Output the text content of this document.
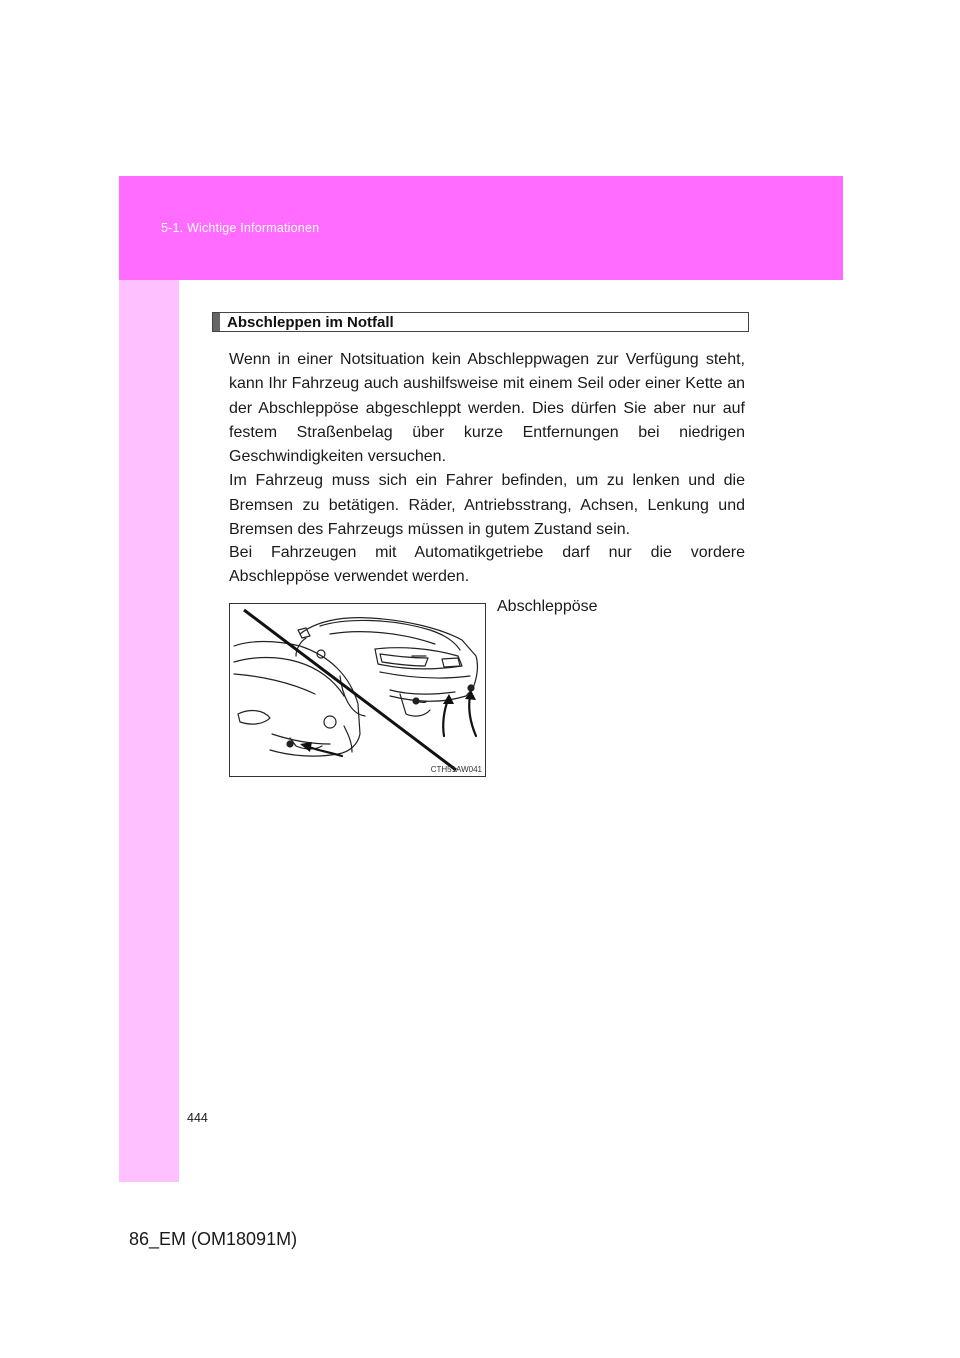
5-1. Wichtige Informationen
Abschleppen im Notfall
Wenn in einer Notsituation kein Abschleppwagen zur Verfügung steht, kann Ihr Fahrzeug auch aushilfsweise mit einem Seil oder einer Kette an der Abschleppöse abgeschleppt werden. Dies dürfen Sie aber nur auf festem Straßenbelag über kurze Entfernungen bei niedrigen Geschwindigkeiten versuchen.
Im Fahrzeug muss sich ein Fahrer befinden, um zu lenken und die Bremsen zu betätigen. Räder, Antriebsstrang, Achsen, Lenkung und Bremsen des Fahrzeugs müssen in gutem Zustand sein.

Bei Fahrzeugen mit Automatikgetriebe darf nur die vordere Abschleppöse verwendet werden.

Abschleppöse
CTH51AW041
444
86_EM (OM18091M)
